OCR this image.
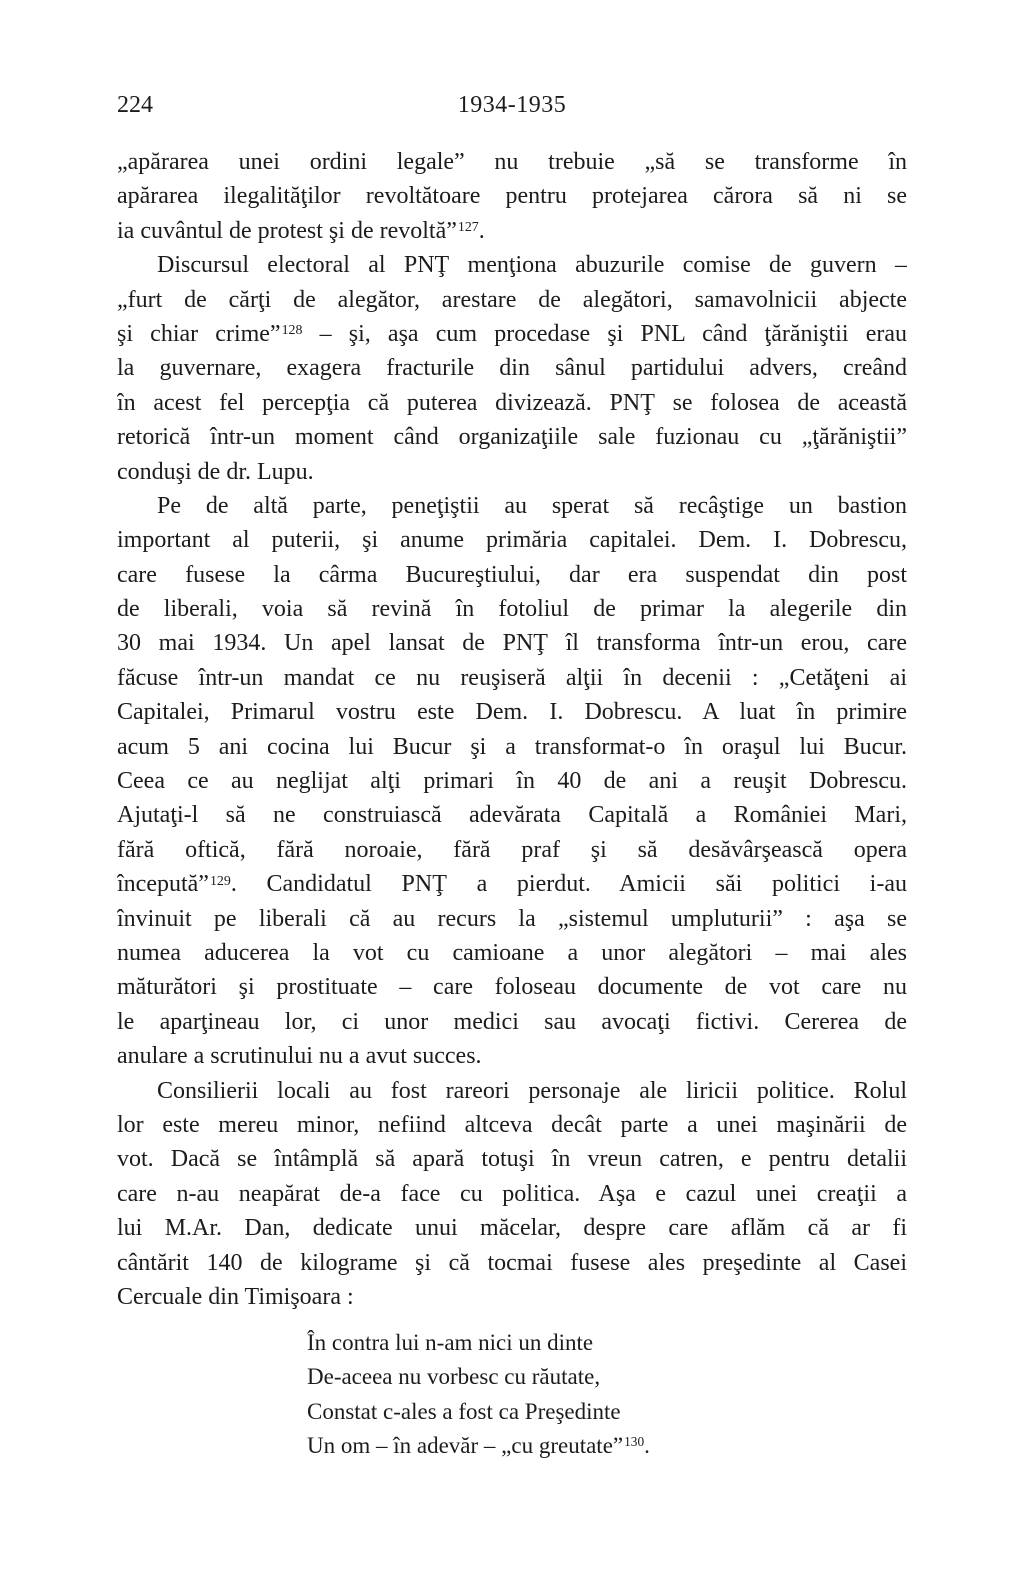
224	1934-1935
„apărarea unei ordini legale” nu trebuie „să se transforme în
apărarea ilegalităţilor revoltătoare pentru protejarea cărora să ni se
ia cuvântul de protest şi de revoltă”$^{127}$.
Discursul electoral al PNŢ menţiona abuzurile comise de guvern –
„furt de cărţi de alegător, arestare de alegători, samavolnicii abjecte
şi chiar crime”$^{128}$ – şi, aşa cum procedase şi PNL când ţărăniştii erau
la guvernare, exagera fracturile din sânul partidului advers, creând
în acest fel percepţia că puterea divizează. PNŢ se folosea de această
retorică într-un moment când organizaţiile sale fuzionau cu „ţărăniştii”
conduşi de dr. Lupu.
Pe de altă parte, peneţiştii au sperat să recâştige un bastion
important al puterii, şi anume primăria capitalei. Dem. I. Dobrescu,
care fusese la cârma Bucureştiului, dar era suspendat din post
de liberali, voia să revină în fotoliul de primar la alegerile din
30 mai 1934. Un apel lansat de PNŢ îl transforma într-un erou, care
făcuse într-un mandat ce nu reuşiseră alţii în decenii : „Cetăţeni ai
Capitalei, Primarul vostru este Dem. I. Dobrescu. A luat în primire
acum 5 ani cocina lui Bucur şi a transformat-o în oraşul lui Bucur.
Ceea ce au neglijat alţi primari în 40 de ani a reuşit Dobrescu.
Ajutaţi-l să ne construiască adevărata Capitală a României Mari,
fără oftică, fără noroaie, fără praf şi să desăvârşească opera
începută”$^{129}$. Candidatul PNŢ a pierdut. Amicii săi politici i-au
învinuit pe liberali că au recurs la „sistemul umpluturii” : aşa se
numea aducerea la vot cu camioane a unor alegători – mai ales
măturători şi prostituate – care foloseau documente de vot care nu
le aparţineau lor, ci unor medici sau avocaţi fictivi. Cererea de
anulare a scrutinului nu a avut succes.
Consilierii locali au fost rareori personaje ale liricii politice. Rolul
lor este mereu minor, nefiind altceva decât parte a unei maşinării de
vot. Dacă se întâmplă să apară totuşi în vreun catren, e pentru detalii
care n-au neapărat de-a face cu politica. Aşa e cazul unei creaţii a
lui M.Ar. Dan, dedicate unui măcelar, despre care aflăm că ar fi
cântărit 140 de kilograme şi că tocmai fusese ales preşedinte al Casei
Cercuale din Timişoara :
În contra lui n-am nici un dinte
De-aceea nu vorbesc cu răutate,
Constat c-ales a fost ca Preşedinte
Un om – în adevăr – „cu greutate”$^{130}$.
